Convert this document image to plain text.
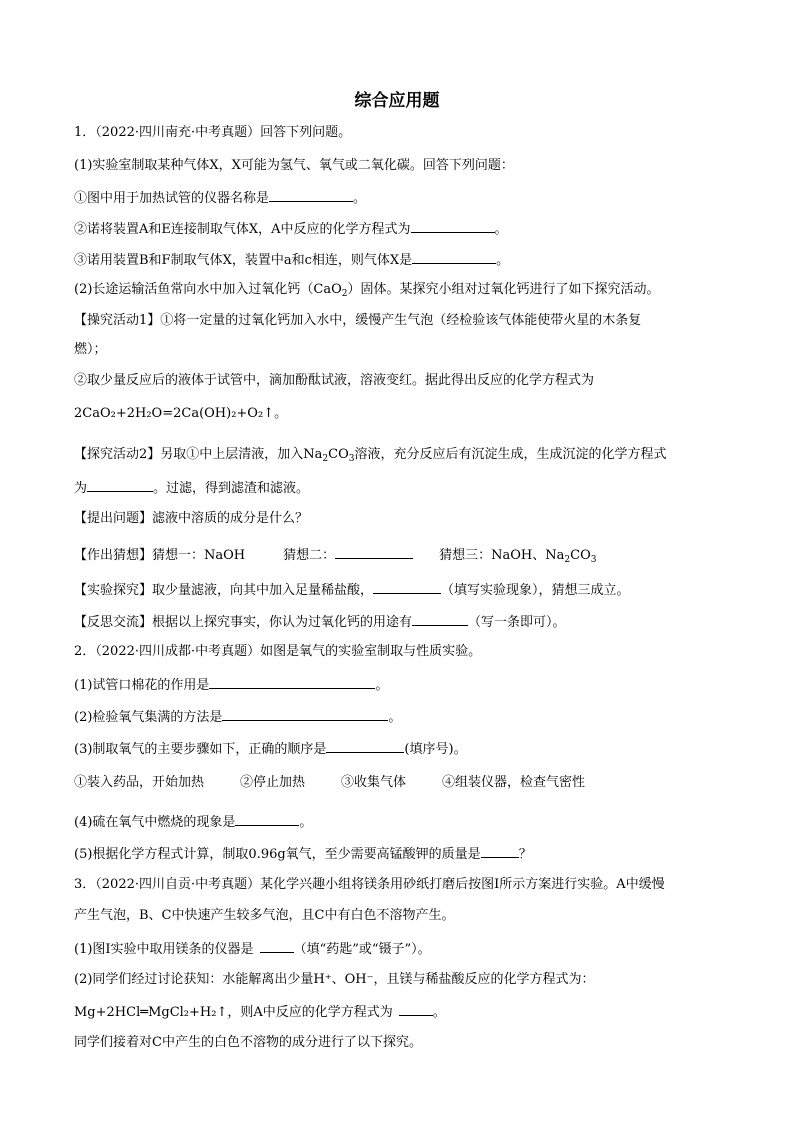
综合应用题
1．（2022·四川南充·中考真题）回答下列问题。
(1)实验室制取某种气体X，X可能为氢气、氧气或二氧化碳。回答下列问题：
①图中用于加热试管的仪器名称是	。
②诺将装置A和E连接制取气体X，A中反应的化学方程式为	。
③诺用装置B和F制取气体X，装置中a和c相连，则气体X是	。
(2)长途运输活鱼常向水中加入过氧化钙（CaO$_2$）固体。某探究小组对过氧化钙进行了如下探究活动。
【操究活动1】①将一定量的过氧化钙加入水中，缓慢产生气泡（经检验该气体能使带火星的木条复
燃）；
②取少量反应后的液体于试管中，滴加酚酞试液，溶液变红。据此得出反应的化学方程式为
2CaO₂+2H₂O=2Ca(OH)₂+O₂↑。
【探究活动2】另取①中上层清液，加入$Na_2CO_3$溶液，充分反应后有沉淀生成，生成沉淀的化学方程式
为	。过滤，得到滤渣和滤液。
【提出问题】滤液中溶质的成分是什么？
【作出猜想】猜想一：NaOH	猜想二：	猜想三：NaOH、$Na_2CO_3$
【实验探究】取少量滤液，向其中加入足量稀盐酸，	（填写实验现象），猜想三成立。
【反思交流】根据以上探究事实，你认为过氧化钙的用途有	（写一条即可）。
2．（2022·四川成都·中考真题）如图是氧气的实验室制取与性质实验。
(1)试管口棉花的作用是	。
(2)检验氧气集满的方法是	。
(3)制取氧气的主要步骤如下，正确的顺序是	(填序号)。
①装入药品，开始加热	②停止加热	③收集气体	④组装仪器，检查气密性
(4)硫在氧气中燃烧的现象是	。
(5)根据化学方程式计算，制取0.96g氧气，至少需要高锰酸钾的质量是	？
3．（2022·四川自贡·中考真题）某化学兴趣小组将镁条用砂纸打磨后按图Ⅰ所示方案进行实验。A中缓慢
产生气泡，B、C中快速产生较多气泡，且C中有白色不溶物产生。
(1)图Ⅰ实验中取用镁条的仪器是	（填“药匙”或“镊子”）。
(2)同学们经过讨论获知：水能解离出少量H⁺、OH⁻，且镁与稀盐酸反应的化学方程式为：
Mg+2HCl═MgCl₂+H₂↑，则A中反应的化学方程式为	。
同学们接着对C中产生的白色不溶物的成分进行了以下探究。
